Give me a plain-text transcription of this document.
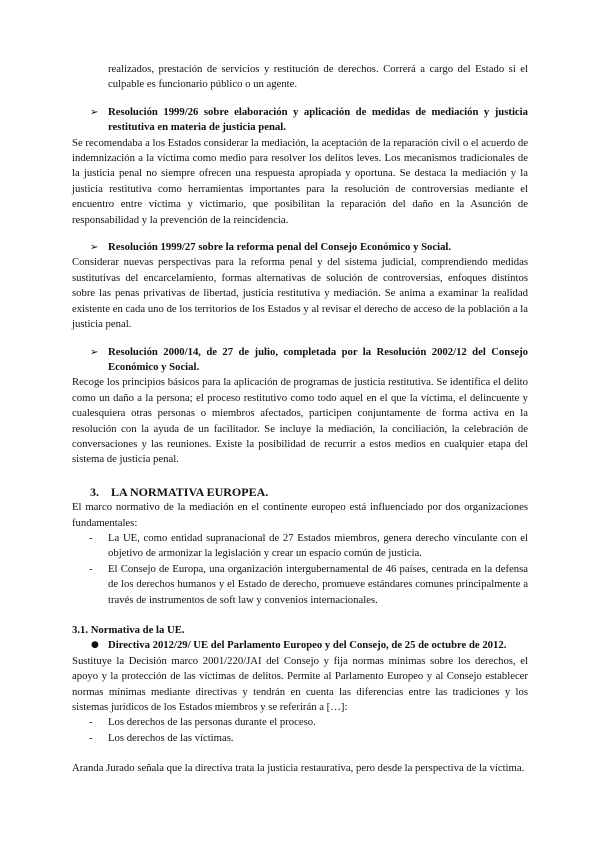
realizados, prestación de servicios y restitución de derechos. Correrá a cargo del Estado si el culpable es funcionario público o un agente.

➢ Resolución 1999/26 sobre elaboración y aplicación de medidas de mediación y justicia restitutiva en materia de justicia penal.

Se recomendaba a los Estados considerar la mediación, la aceptación de la reparación civil o el acuerdo de indemnización a la víctima como medio para resolver los delitos leves. Los mecanismos tradicionales de la justicia penal no siempre ofrecen una respuesta apropiada y oportuna. Se destaca la mediación y la justicia restitutiva como herramientas importantes para la resolución de controversias mediante el encuentro entre víctima y victimario, que posibilitan la reparación del daño en la Asunción de responsabilidad y la prevención de la reincidencia.

➢ Resolución 1999/27 sobre la reforma penal del Consejo Económico y Social.

Considerar nuevas perspectivas para la reforma penal y del sistema judicial, comprendiendo medidas sustitutivas del encarcelamiento, formas alternativas de solución de controversias, enfoques distintos sobre las penas privativas de libertad, justicia restitutiva y mediación. Se anima a examinar la realidad existente en cada uno de los territorios de los Estados y al revisar el derecho de acceso de la población a la justicia penal.

➢ Resolución 2000/14, de 27 de julio, completada por la Resolución 2002/12 del Consejo Económico y Social.

Recoge los principios básicos para la aplicación de programas de justicia restitutiva. Se identifica el delito como un daño a la persona; el proceso restitutivo como todo aquel en el que la víctima, el delincuente y cualesquiera otras personas o miembros afectados, participen conjuntamente de forma activa en la resolución con la ayuda de un facilitador. Se incluye la mediación, la conciliación, la celebración de conversaciones y las reuniones. Existe la posibilidad de recurrir a estos medios en cualquier etapa del sistema de justicia penal.

3. LA NORMATIVA EUROPEA.

El marco normativo de la mediación en el continente europeo está influenciado por dos organizaciones fundamentales:

- La UE, como entidad supranacional de 27 Estados miembros, genera derecho vinculante con el objetivo de armonizar la legislación y crear un espacio común de justicia.
- El Consejo de Europa, una organización intergubernamental de 46 países, centrada en la defensa de los derechos humanos y el Estado de derecho, promueve estándares comunes principalmente a través de instrumentos de soft law y convenios internacionales.
3.1. Normativa de la UE.
● Directiva 2012/29/ UE del Parlamento Europeo y del Consejo, de 25 de octubre de 2012.

Sustituye la Decisión marco 2001/220/JAI del Consejo y fija normas mínimas sobre los derechos, el apoyo y la protección de las víctimas de delitos. Permite al Parlamento Europeo y al Consejo establecer normas mínimas mediante directivas y tendrán en cuenta las diferencias entre las tradiciones y los sistemas jurídicos de los Estados miembros y se referirán a […]:

- Los derechos de las personas durante el proceso.
- Los derechos de las víctimas.

Aranda Jurado señala que la directiva trata la justicia restaurativa, pero desde la perspectiva de la víctima.
